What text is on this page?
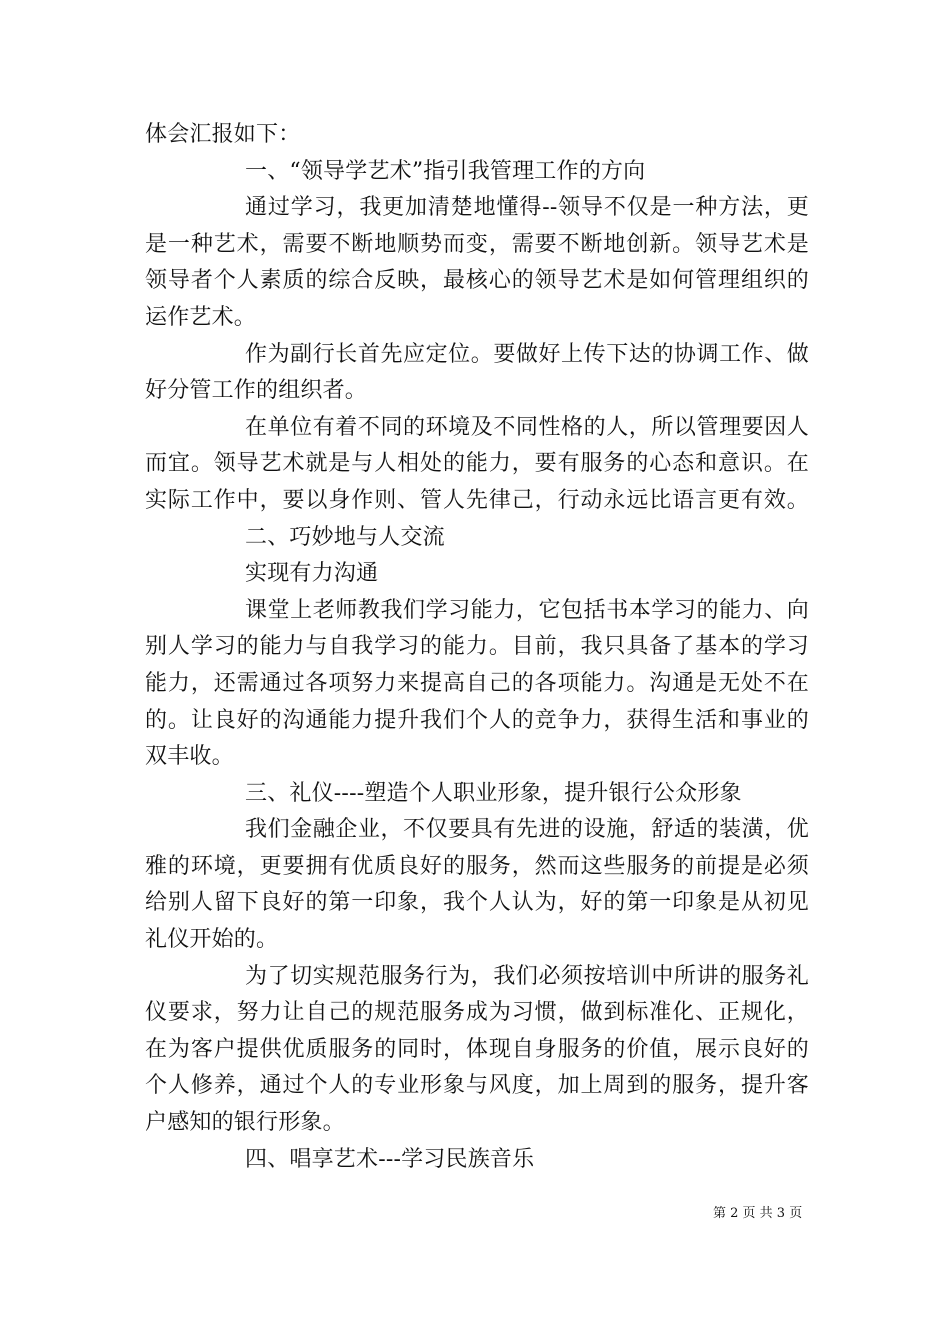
体会汇报如下：
一、“领导学艺术”指引我管理工作的方向
通过学习，我更加清楚地懂得--领导不仅是一种方法，更
是一种艺术，需要不断地顺势而变，需要不断地创新。领导艺术是
领导者个人素质的综合反映，最核心的领导艺术是如何管理组织的
运作艺术。
作为副行长首先应定位。要做好上传下达的协调工作、做
好分管工作的组织者。
在单位有着不同的环境及不同性格的人，所以管理要因人
而宜。领导艺术就是与人相处的能力，要有服务的心态和意识。在
实际工作中，要以身作则、管人先律己，行动永远比语言更有效。
二、巧妙地与人交流
实现有力沟通
课堂上老师教我们学习能力，它包括书本学习的能力、向
别人学习的能力与自我学习的能力。目前，我只具备了基本的学习
能力，还需通过各项努力来提高自己的各项能力。沟通是无处不在
的。让良好的沟通能力提升我们个人的竞争力，获得生活和事业的
双丰收。
三、礼仪----塑造个人职业形象，提升银行公众形象
我们金融企业，不仅要具有先进的设施，舒适的装潢，优
雅的环境，更要拥有优质良好的服务，然而这些服务的前提是必须
给别人留下良好的第一印象，我个人认为，好的第一印象是从初见
礼仪开始的。
为了切实规范服务行为，我们必须按培训中所讲的服务礼
仪要求，努力让自己的规范服务成为习惯，做到标准化、正规化，
在为客户提供优质服务的同时，体现自身服务的价值，展示良好的
个人修养，通过个人的专业形象与风度，加上周到的服务，提升客
户感知的银行形象。
四、唱享艺术---学习民族音乐
第 2 页 共 3 页
